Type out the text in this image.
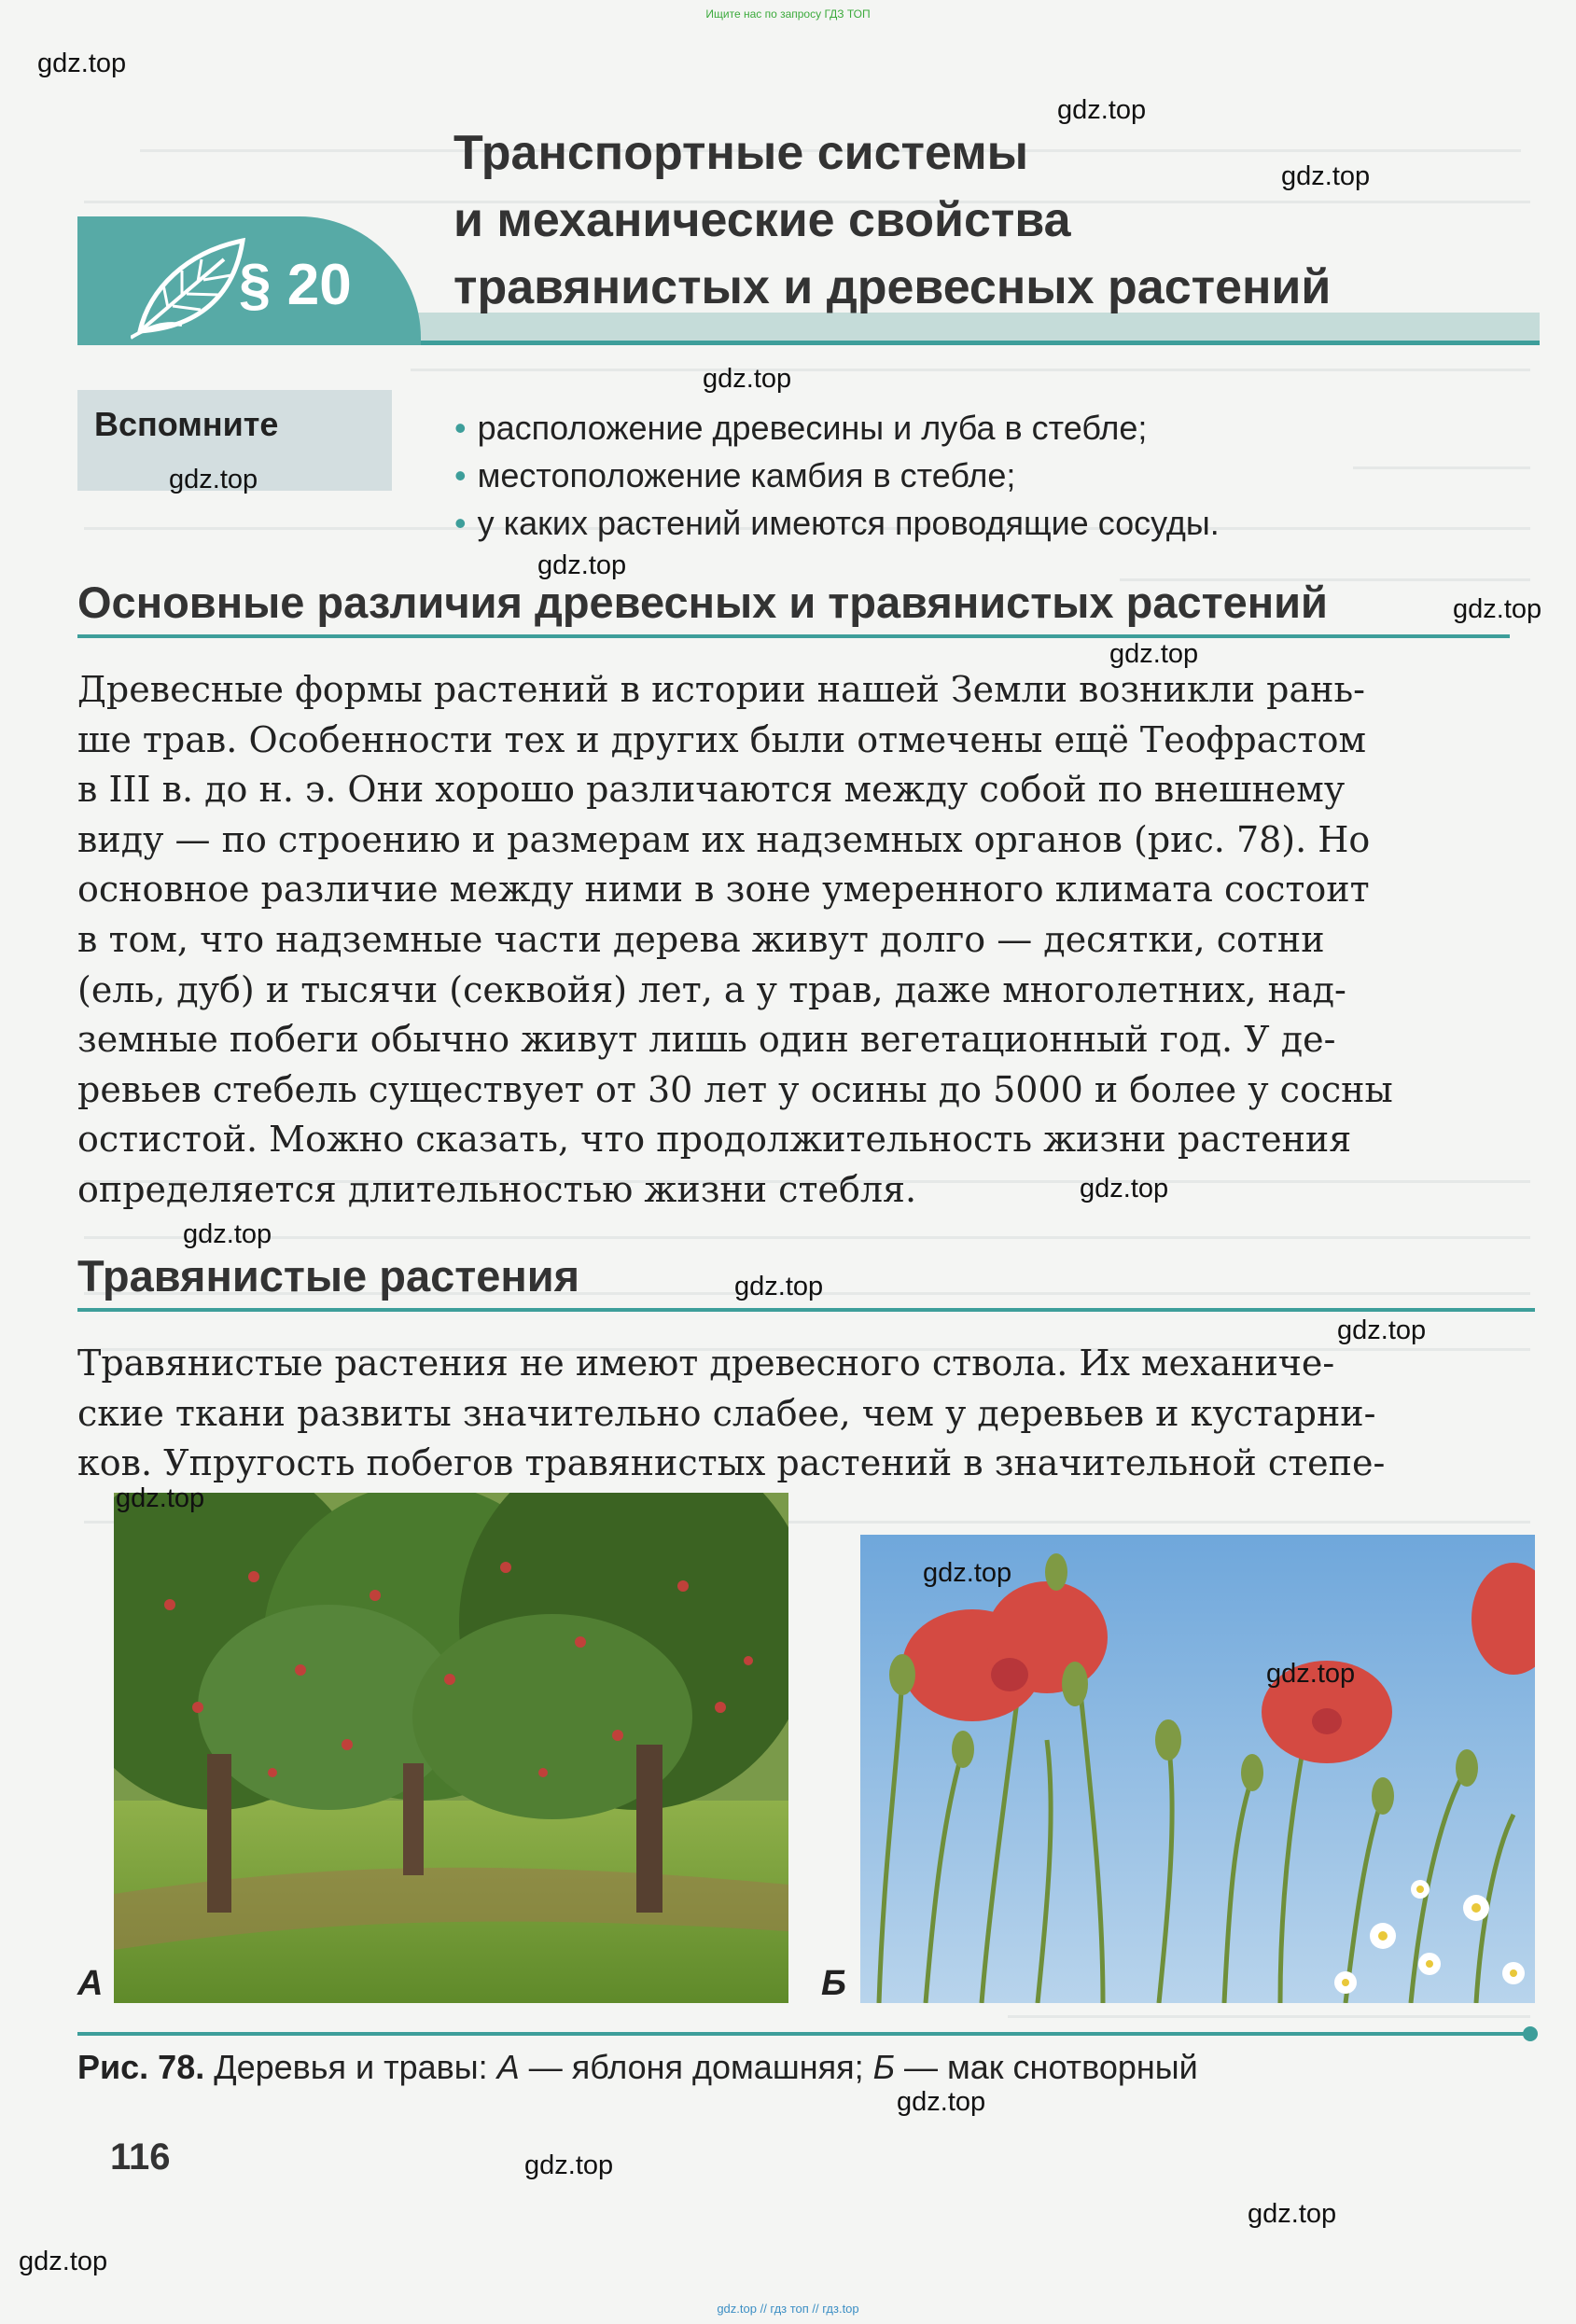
Ищите нас по запросу ГДЗ ТОП
§ 20
Транспортные системы
и механические свойства
травянистых и древесных растений
Вспомните
•	расположение древесины и луба в стебле;
• местоположение камбия в стебле;
• у каких растений имеются проводящие сосуды.
Основные различия древесных и травянистых растений
Древесные формы растений в истории нашей Земли возникли рань-
ше трав. Особенности тех и других были отмечены ещё Теофрастом
в III в. до н. э. Они хорошо различаются между собой по внешнему
виду — по строению и размерам их надземных органов (рис. 78). Но
основное различие между ними в зоне умеренного климата состоит
в том, что надземные части дерева живут долго — десятки, сотни
(ель, дуб) и тысячи (секвойя) лет, а у трав, даже многолетних, над-
земные побеги обычно живут лишь один вегетационный год. У де-
ревьев стебель существует от 30 лет у осины до 5000 и более у сосны
остистой. Можно сказать, что продолжительность жизни растения
определяется длительностью жизни стебля.
Травянистые растения
Травянистые растения не имеют древесного ствола. Их механиче-
ские ткани развиты значительно слабее, чем у деревьев и кустарни-
ков. Упругость побегов травянистых растений в значительной степе-
А	Б
Рис. 78. Деревья и травы: А — яблоня домашняя; Б — мак снотворный
116
gdz.top
gdz.top
gdz.top
gdz.top
gdz.top
gdz.top
gdz.top
gdz.top
gdz.top
gdz.top
gdz.top
gdz.top
gdz.top
gdz.top
gdz.top
gdz.top
gdz.top
gdz.top
gdz.top
gdz.top // гдз топ // гдз.top
